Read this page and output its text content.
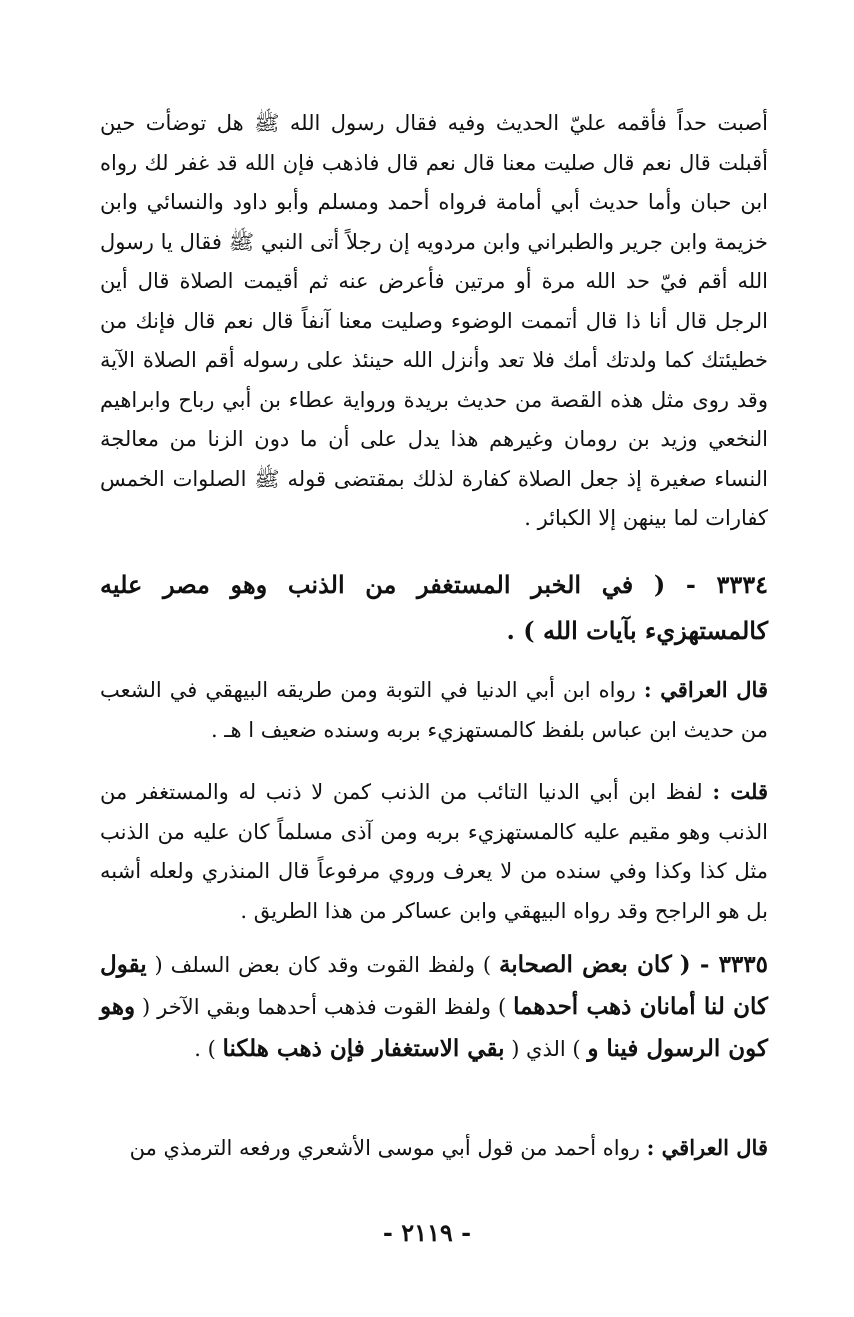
أصبت حداً فأقمه عليّ الحديث وفيه فقال رسول الله ﷺ هل توضأت حين أقبلت قال نعم قال صليت معنا قال نعم قال فاذهب فإن الله قد غفر لك رواه ابن حبان وأما حديث أبي أمامة فرواه أحمد ومسلم وأبو داود والنسائي وابن خزيمة وابن جرير والطبراني وابن مردويه إن رجلاً أتى النبي ﷺ فقال يا رسول الله أقم فيّ حد الله مرة أو مرتين فأعرض عنه ثم أقيمت الصلاة قال أين الرجل قال أنا ذا قال أتممت الوضوء وصليت معنا آنفاً قال نعم قال فإنك من خطيئتك كما ولدتك أمك فلا تعد وأنزل الله حينئذ على رسوله أقم الصلاة الآية وقد روى مثل هذه القصة من حديث بريدة ورواية عطاء بن أبي رباح وابراهيم النخعي وزيد بن رومان وغيرهم هذا يدل على أن ما دون الزنا من معالجة النساء صغيرة إذ جعل الصلاة كفارة لذلك بمقتضى قوله ﷺ الصلوات الخمس كفارات لما بينهن إلا الكبائر .

٣٣٣٤ - ( في الخبر المستغفر من الذنب وهو مصر عليه كالمستهزيء بآيات الله ) .

قال العراقي : رواه ابن أبي الدنيا في التوبة ومن طريقه البيهقي في الشعب من حديث ابن عباس بلفظ كالمستهزيء بربه وسنده ضعيف ا هـ .

قلت : لفظ ابن أبي الدنيا التائب من الذنب كمن لا ذنب له والمستغفر من الذنب وهو مقيم عليه كالمستهزيء بربه ومن آذى مسلماً كان عليه من الذنب مثل كذا وكذا وفي سنده من لا يعرف وروي مرفوعاً قال المنذري ولعله أشبه بل هو الراجح وقد رواه البيهقي وابن عساكر من هذا الطريق .

٣٣٣٥ - ( كان بعض الصحابة ) ولفظ القوت وقد كان بعض السلف ( يقول كان لنا أمانان ذهب أحدهما ) ولفظ القوت فذهب أحدهما وبقي الآخر ( وهو كون الرسول فينا و ) الذي ( بقي الاستغفار فإن ذهب هلكنا ) .

قال العراقي : رواه أحمد من قول أبي موسى الأشعري ورفعه الترمذي من

- ٢١١٩ -
